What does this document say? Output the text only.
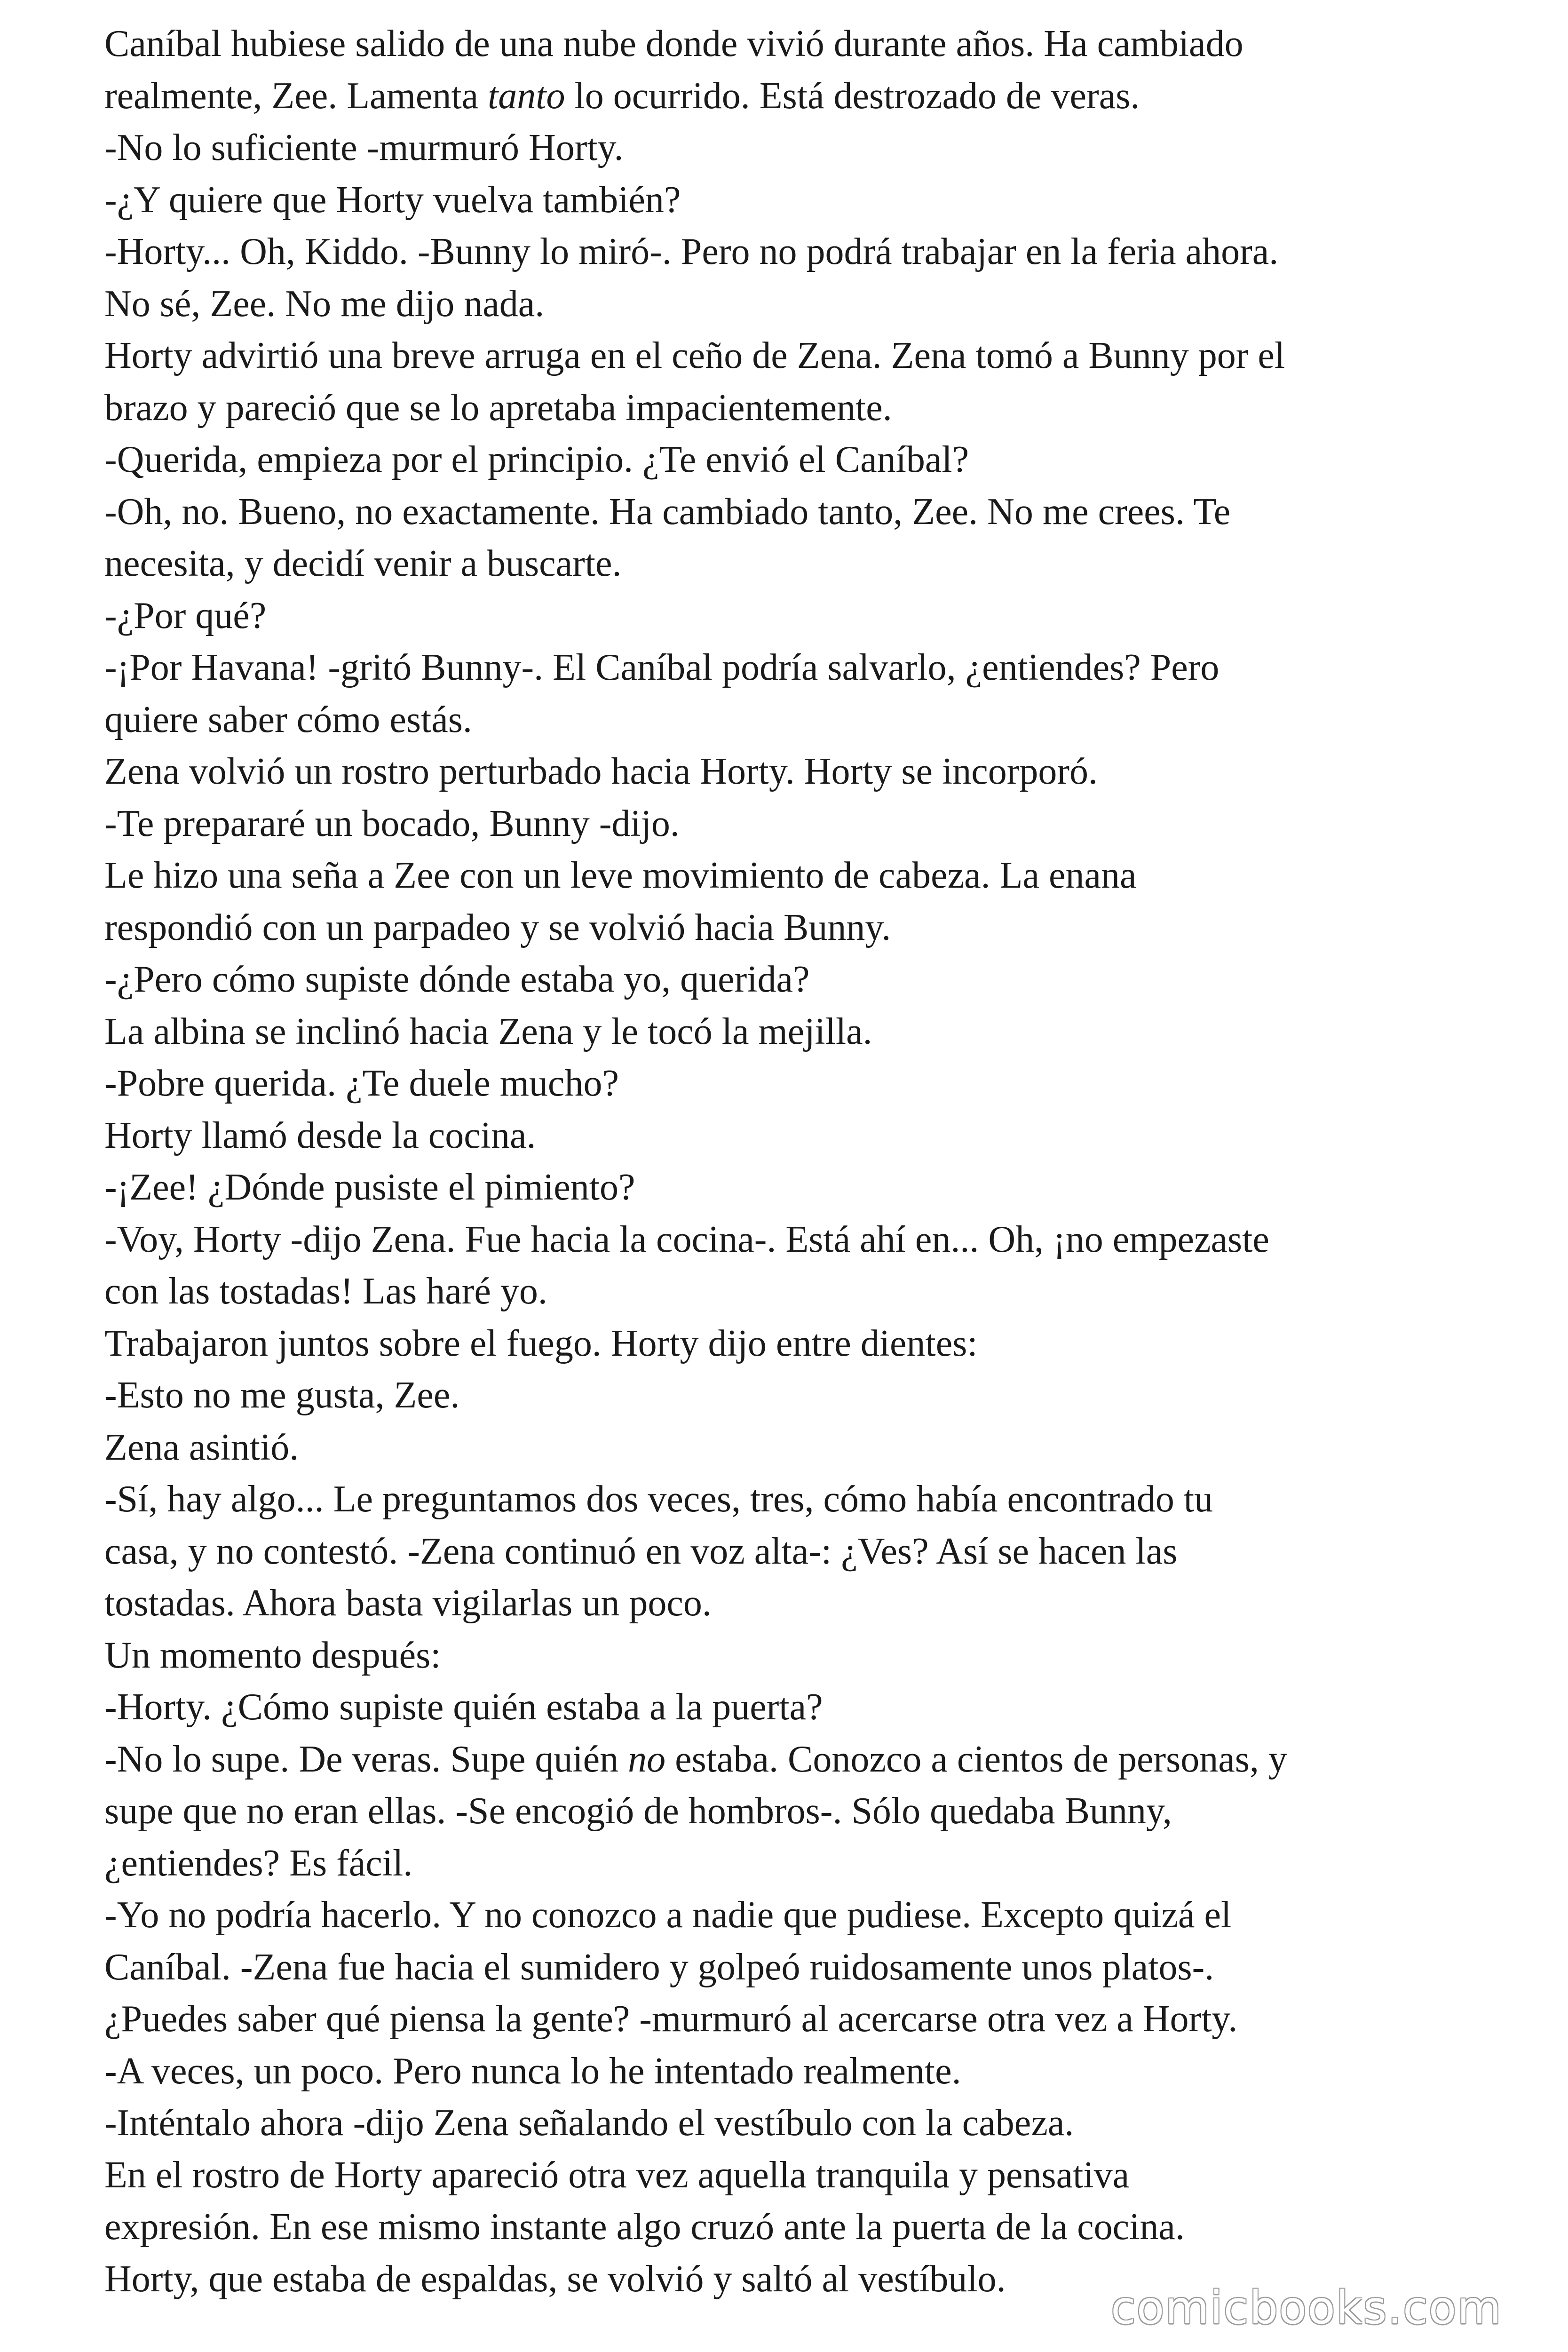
Caníbal hubiese salido de una nube donde vivió durante años. Ha cambiado
realmente, Zee. Lamenta tanto lo ocurrido. Está destrozado de veras.
-No lo suficiente -murmuró Horty.
-¿Y quiere que Horty vuelva también?
-Horty... Oh, Kiddo. -Bunny lo miró-. Pero no podrá trabajar en la feria ahora.
No sé, Zee. No me dijo nada.
Horty advirtió una breve arruga en el ceño de Zena. Zena tomó a Bunny por el
brazo y pareció que se lo apretaba impacientemente.
-Querida, empieza por el principio. ¿Te envió el Caníbal?
-Oh, no. Bueno, no exactamente. Ha cambiado tanto, Zee. No me crees. Te
necesita, y decidí venir a buscarte.
-¿Por qué?
-¡Por Havana! -gritó Bunny-. El Caníbal podría salvarlo, ¿entiendes? Pero
quiere saber cómo estás.
Zena volvió un rostro perturbado hacia Horty. Horty se incorporó.
-Te prepararé un bocado, Bunny -dijo.
Le hizo una seña a Zee con un leve movimiento de cabeza. La enana
respondió con un parpadeo y se volvió hacia Bunny.
-¿Pero cómo supiste dónde estaba yo, querida?
La albina se inclinó hacia Zena y le tocó la mejilla.
-Pobre querida. ¿Te duele mucho?
Horty llamó desde la cocina.
-¡Zee! ¿Dónde pusiste el pimiento?
-Voy, Horty -dijo Zena. Fue hacia la cocina-. Está ahí en... Oh, ¡no empezaste
con las tostadas! Las haré yo.
Trabajaron juntos sobre el fuego. Horty dijo entre dientes:
-Esto no me gusta, Zee.
Zena asintió.
-Sí, hay algo... Le preguntamos dos veces, tres, cómo había encontrado tu
casa, y no contestó. -Zena continuó en voz alta-: ¿Ves? Así se hacen las
tostadas. Ahora basta vigilarlas un poco.
Un momento después:
-Horty. ¿Cómo supiste quién estaba a la puerta?
-No lo supe. De veras. Supe quién no estaba. Conozco a cientos de personas, y
supe que no eran ellas. -Se encogió de hombros-. Sólo quedaba Bunny,
¿entiendes? Es fácil.
-Yo no podría hacerlo. Y no conozco a nadie que pudiese. Excepto quizá el
Caníbal. -Zena fue hacia el sumidero y golpeó ruidosamente unos platos-.
¿Puedes saber qué piensa la gente? -murmuró al acercarse otra vez a Horty.
-A veces, un poco. Pero nunca lo he intentado realmente.
-Inténtalo ahora -dijo Zena señalando el vestíbulo con la cabeza.
En el rostro de Horty apareció otra vez aquella tranquila y pensativa
expresión. En ese mismo instante algo cruzó ante la puerta de la cocina.
Horty, que estaba de espaldas, se volvió y saltó al vestíbulo.
comicbooks.com
